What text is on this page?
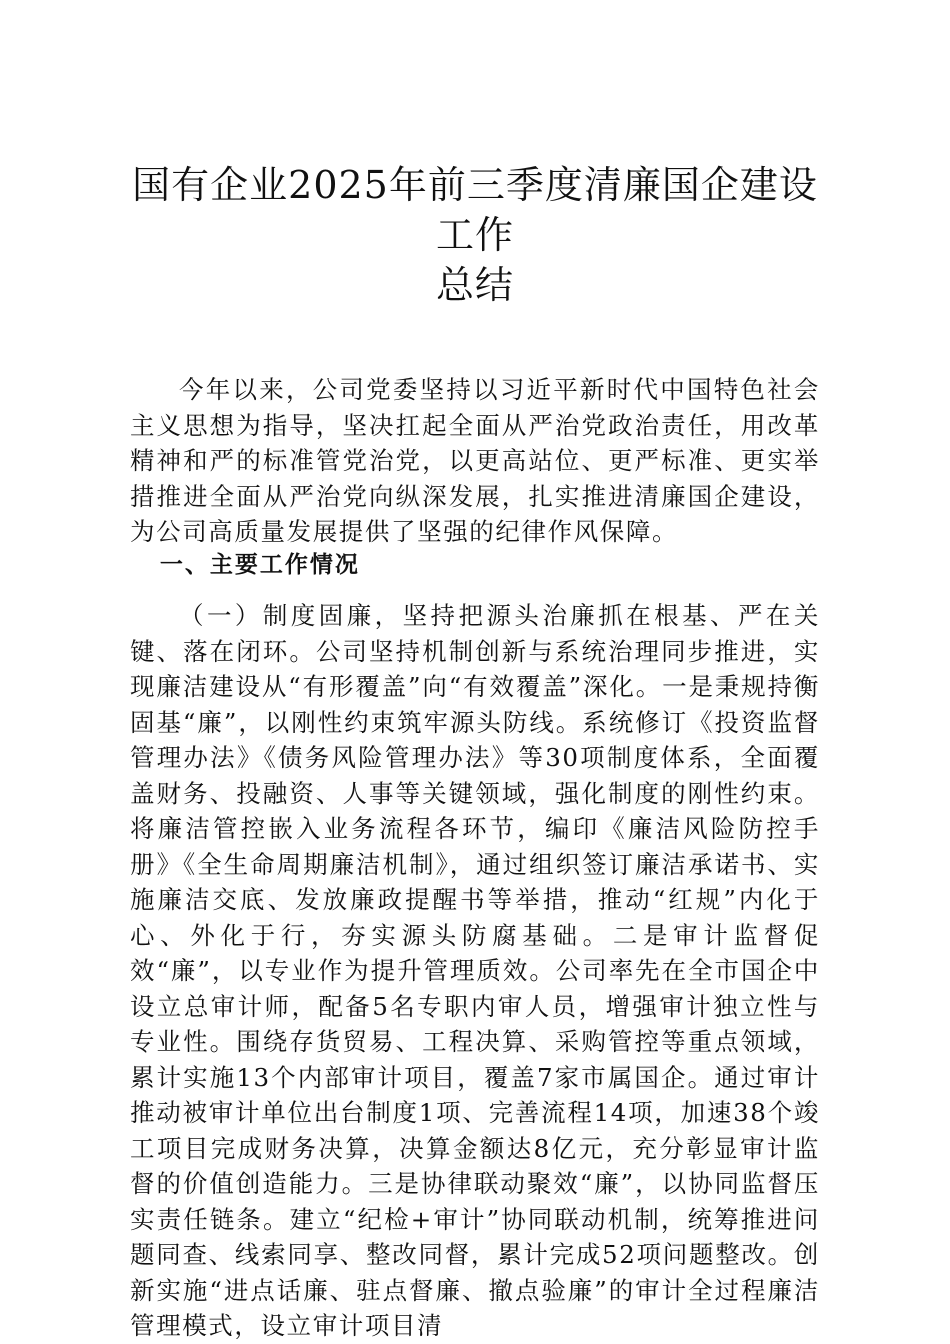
国有企业2025年前三季度清廉国企建设工作
总结

今年以来，公司党委坚持以习近平新时代中国特色社会主义思想为指导，坚决扛起全面从严治党政治责任，用改革精神和严的标准管党治党，以更高站位、更严标准、更实举措推进全面从严治党向纵深发展，扎实推进清廉国企建设，为公司高质量发展提供了坚强的纪律作风保障。

一、主要工作情况

（一）制度固廉，坚持把源头治廉抓在根基、严在关键、落在闭环。公司坚持机制创新与系统治理同步推进，实现廉洁建设从“有形覆盖”向“有效覆盖”深化。一是秉规持衡固基“廉”，以刚性约束筑牢源头防线。系统修订《投资监督管理办法》《债务风险管理办法》等30项制度体系，全面覆盖财务、投融资、人事等关键领域，强化制度的刚性约束。将廉洁管控嵌入业务流程各环节，编印《廉洁风险防控手册》《全生命周期廉洁机制》，通过组织签订廉洁承诺书、实施廉洁交底、发放廉政提醒书等举措，推动“红规”内化于心、外化于行，夯实源头防腐基础。二是审计监督促效“廉”，以专业作为提升管理质效。公司率先在全市国企中设立总审计师，配备5名专职内审人员，增强审计独立性与专业性。围绕存货贸易、工程决算、采购管控等重点领域，累计实施13个内部审计项目，覆盖7家市属国企。通过审计推动被审计单位出台制度1项、完善流程14项，加速38个竣工项目完成财务决算，决算金额达8亿元，充分彰显审计监督的价值创造能力。三是协律联动聚效“廉”，以协同监督压实责任链条。建立“纪检+审计”协同联动机制，统筹推进问题同查、线索同享、整改同督，累计完成52项问题整改。创新实施“进点话廉、驻点督廉、撤点验廉”的审计全过程廉洁管理模式，设立审计项目清
